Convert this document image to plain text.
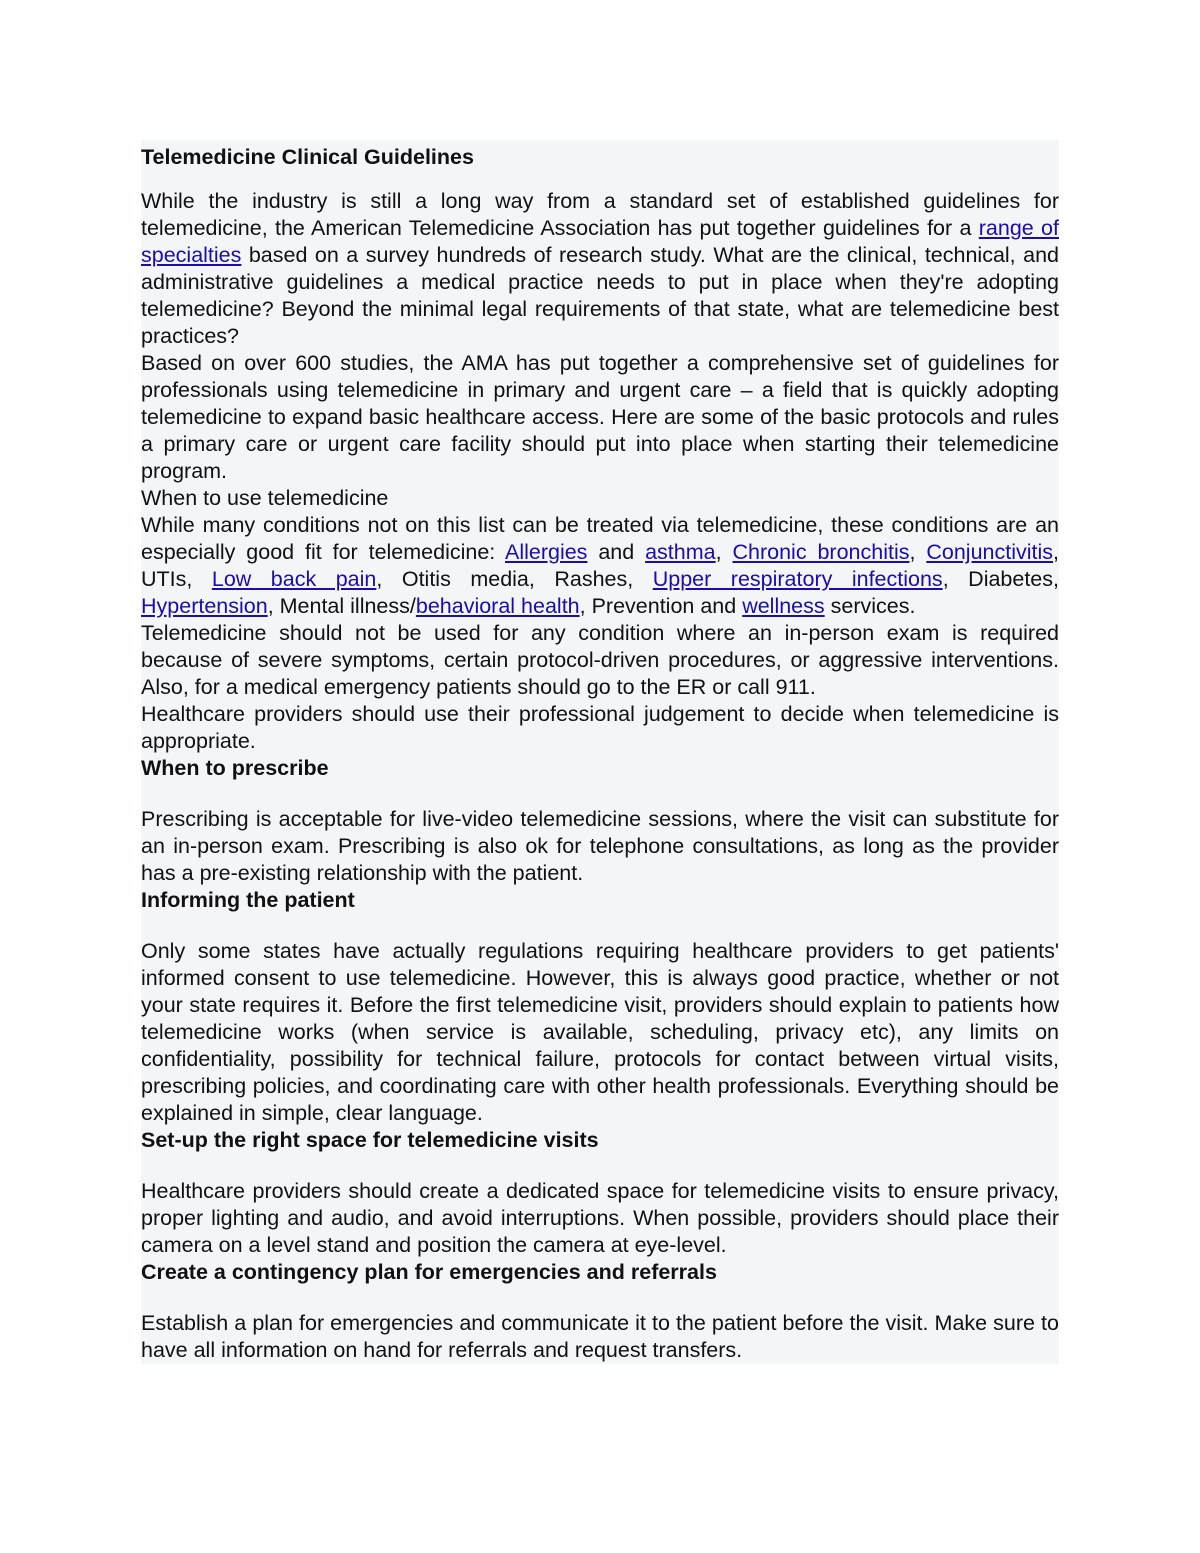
Telemedicine Clinical Guidelines

While the industry is still a long way from a standard set of established guidelines for telemedicine, the American Telemedicine Association has put together guidelines for a range of specialties based on a survey hundreds of research study. What are the clinical, technical, and administrative guidelines a medical practice needs to put in place when they're adopting telemedicine? Beyond the minimal legal requirements of that state, what are telemedicine best practices?

Based on over 600 studies, the AMA has put together a comprehensive set of guidelines for professionals using telemedicine in primary and urgent care – a field that is quickly adopting telemedicine to expand basic healthcare access. Here are some of the basic protocols and rules a primary care or urgent care facility should put into place when starting their telemedicine program.

When to use telemedicine

While many conditions not on this list can be treated via telemedicine, these conditions are an especially good fit for telemedicine: Allergies and asthma, Chronic bronchitis, Conjunctivitis, UTIs, Low back pain, Otitis media, Rashes, Upper respiratory infections, Diabetes, Hypertension, Mental illness/behavioral health, Prevention and wellness services.

Telemedicine should not be used for any condition where an in-person exam is required because of severe symptoms, certain protocol-driven procedures, or aggressive interventions. Also, for a medical emergency patients should go to the ER or call 911.

Healthcare providers should use their professional judgement to decide when telemedicine is appropriate.

When to prescribe

Prescribing is acceptable for live-video telemedicine sessions, where the visit can substitute for an in-person exam. Prescribing is also ok for telephone consultations, as long as the provider has a pre-existing relationship with the patient.

Informing the patient

Only some states have actually regulations requiring healthcare providers to get patients' informed consent to use telemedicine. However, this is always good practice, whether or not your state requires it. Before the first telemedicine visit, providers should explain to patients how telemedicine works (when service is available, scheduling, privacy etc), any limits on confidentiality, possibility for technical failure, protocols for contact between virtual visits, prescribing policies, and coordinating care with other health professionals. Everything should be explained in simple, clear language.

Set-up the right space for telemedicine visits

Healthcare providers should create a dedicated space for telemedicine visits to ensure privacy, proper lighting and audio, and avoid interruptions. When possible, providers should place their camera on a level stand and position the camera at eye-level.

Create a contingency plan for emergencies and referrals

Establish a plan for emergencies and communicate it to the patient before the visit. Make sure to have all information on hand for referrals and request transfers.
